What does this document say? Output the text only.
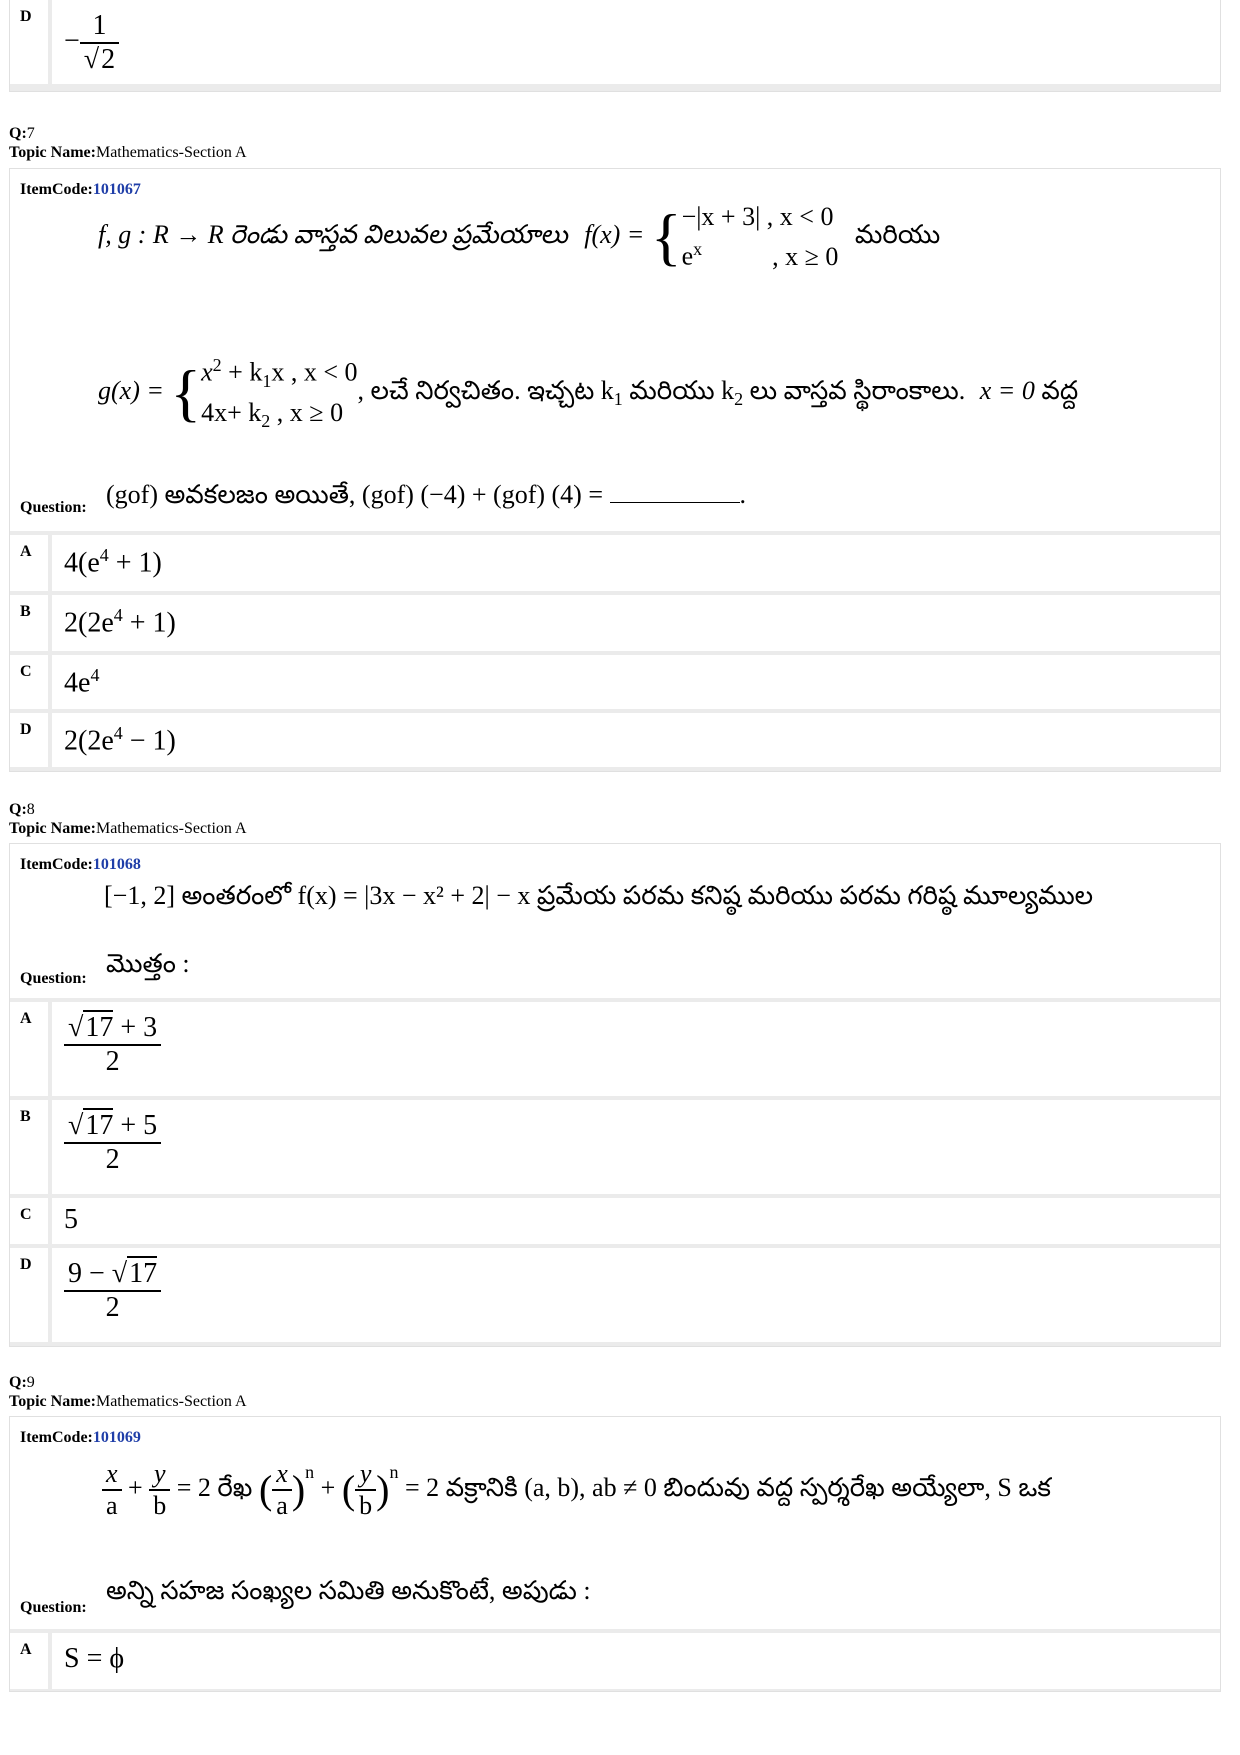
D
− $\frac{1}{√2}$
Q:7
Topic Name:Mathematics-Section A
ItemCode:101067
f, g : R → R రెండు వాస్తవ విలువల ప్రమేయాలు f(x) = { −|x + 3| , x < 0
$e^x$	, x ≥ 0
మరియు
g(x) = { $x^2 + k_1x$ , x < 0
$4x+ k_2$ , x ≥ 0
, లచే నిర్వచితం. ఇచ్చట $k_1$ మరియు $k_2$ లు వాస్తవ స్థిరాంకాలు. x = 0 వద్ద
Question: (gof) అవకలజం అయితే, (gof) (−4) + (gof) (4) =	.
A $4(e^4 + 1)$
B $2(2e^4 + 1)$
C $4e^4$
D $2(2e^4 - 1)$
Q:8
Topic Name:Mathematics-Section A
ItemCode:101068
[−1, 2] అంతరంలో f(x) = |3x − x² + 2| − x ప్రమేయ పరమ కనిష్ఠ మరియు పరమ గరిష్ఠ మూల్యముల
Question:
మొత్తం :
A $\frac{√17 + 3}{2}$
B $\frac{√17 + 5}{2}$
C 5
D $\frac{9 - √17}{2}$
Q:9
Topic Name:Mathematics-Section A
ItemCode:101069
$\frac{x}{a} + \frac{y}{b} = 2$ రేఖ ( $\frac{x}{a} )^n$ + ( $\frac{y}{b} )^n = 2$ వక్రానికి (a, b), ab ≠ 0 బిందువు వద్ద స్పర్శరేఖ అయ్యేలా, S ఒక
Question:
అన్ని సహజ సంఖ్యల సమితి అనుకొంటే, అపుడు :
A S = ϕ
